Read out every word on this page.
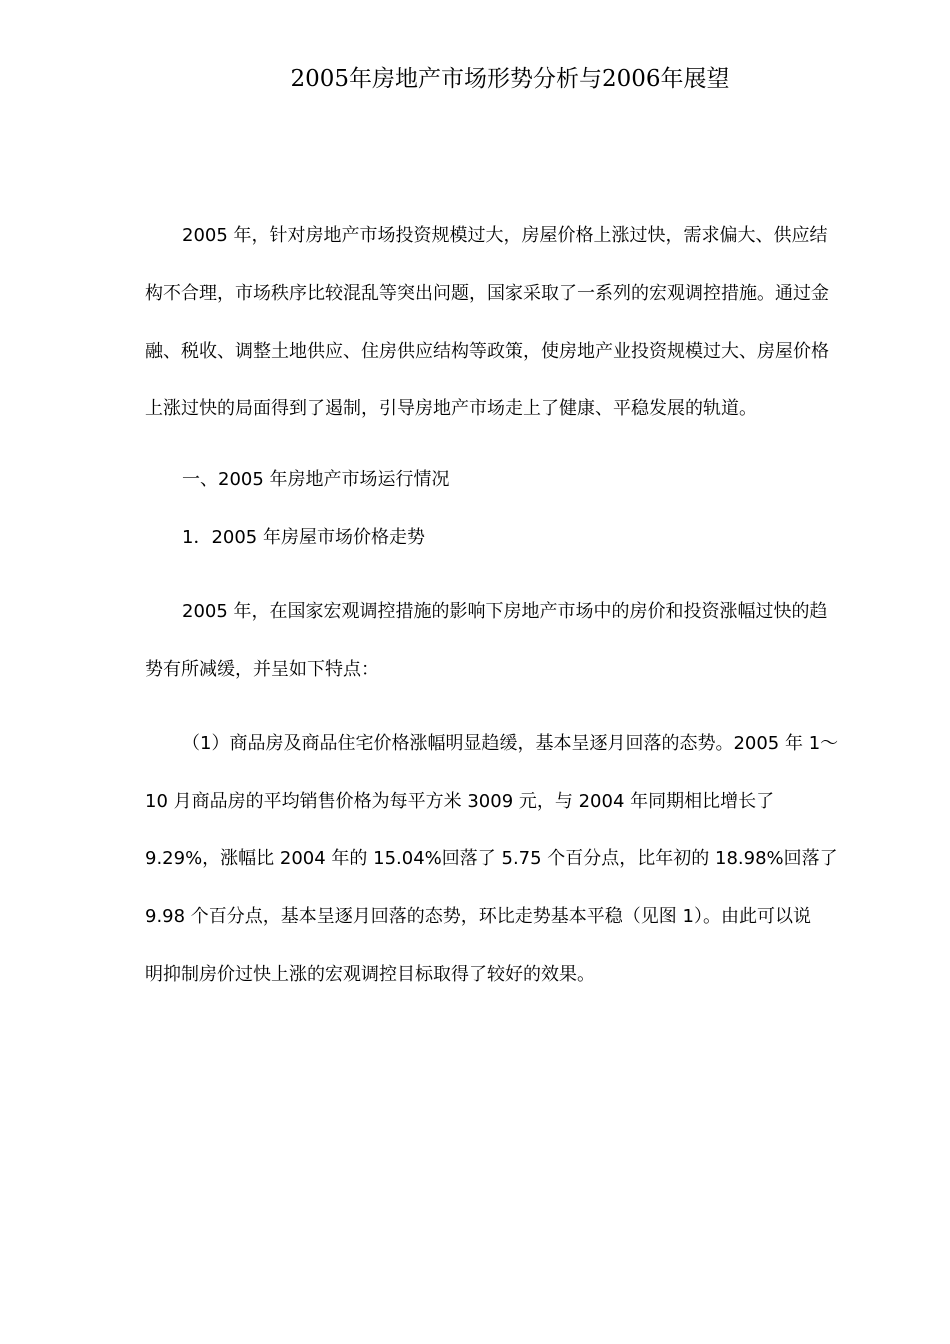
2005年房地产市场形势分析与2006年展望
2005 年，针对房地产市场投资规模过大，房屋价格上涨过快，需求偏大、供应结
构不合理，市场秩序比较混乱等突出问题，国家采取了一系列的宏观调控措施。通过金
融、税收、调整土地供应、住房供应结构等政策，使房地产业投资规模过大、房屋价格
上涨过快的局面得到了遏制，引导房地产市场走上了健康、平稳发展的轨道。
一、2005 年房地产市场运行情况
1．2005 年房屋市场价格走势
2005 年，在国家宏观调控措施的影响下房地产市场中的房价和投资涨幅过快的趋
势有所减缓，并呈如下特点：
（1）商品房及商品住宅价格涨幅明显趋缓，基本呈逐月回落的态势。2005 年 1～
10 月商品房的平均销售价格为每平方米 3009 元，与 2004 年同期相比增长了
9.29%，涨幅比 2004 年的 15.04%回落了 5.75 个百分点，比年初的 18.98%回落了
9.98 个百分点，基本呈逐月回落的态势，环比走势基本平稳（见图 1）。由此可以说
明抑制房价过快上涨的宏观调控目标取得了较好的效果。
